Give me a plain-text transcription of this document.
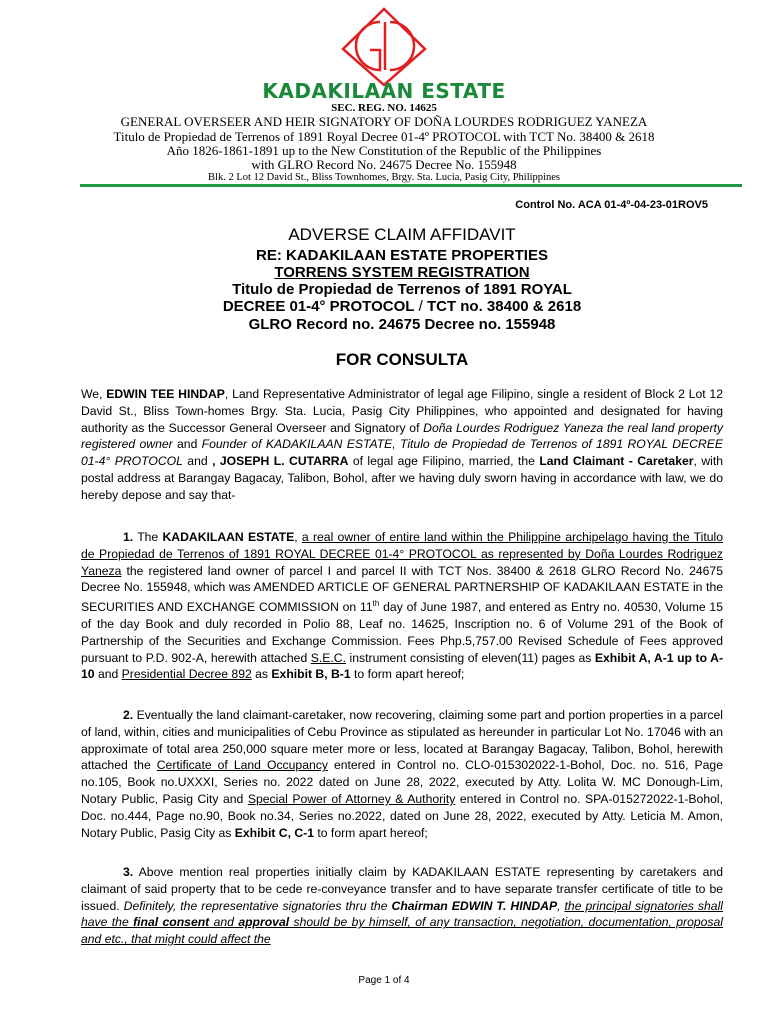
KADAKILAAN ESTATE
SEC. REG. NO. 14625
GENERAL OVERSEER AND HEIR SIGNATORY OF DOÑA LOURDES RODRIGUEZ YANEZA
Titulo de Propiedad de Terrenos of 1891 Royal Decree 01-4º PROTOCOL with TCT No. 38400 & 2618
Año 1826-1861-1891 up to the New Constitution of the Republic of the Philippines
with GLRO Record No. 24675 Decree No. 155948
Blk. 2 Lot 12 David St., Bliss Townhomes, Brgy. Sta. Lucia, Pasig City, Philippines
Control No. ACA 01-4º-04-23-01ROV5
ADVERSE CLAIM AFFIDAVIT
RE: KADAKILAAN ESTATE PROPERTIES
TORRENS SYSTEM REGISTRATION
Titulo de Propiedad de Terrenos of 1891 ROYAL
DECREE 01-4° PROTOCOL / TCT no. 38400 & 2618
GLRO Record no. 24675 Decree no. 155948
FOR CONSULTA
We, EDWIN TEE HINDAP, Land Representative Administrator of legal age Filipino, single a resident of Block 2 Lot 12 David St., Bliss Town-homes Brgy. Sta. Lucia, Pasig City Philippines, who appointed and designated for having authority as the Successor General Overseer and Signatory of Doña Lourdes Rodriguez Yaneza the real land property registered owner and Founder of KADAKILAAN ESTATE, Titulo de Propiedad de Terrenos of 1891 ROYAL DECREE 01-4° PROTOCOL and , JOSEPH L. CUTARRA of legal age Filipino, married, the Land Claimant - Caretaker, with postal address at Barangay Bagacay, Talibon, Bohol, after we having duly sworn having in accordance with law, we do hereby depose and say that-
1. The KADAKILAAN ESTATE, a real owner of entire land within the Philippine archipelago having the Titulo de Propiedad de Terrenos of 1891 ROYAL DECREE 01-4° PROTOCOL as represented by Doña Lourdes Rodriguez Yaneza the registered land owner of parcel I and parcel II with TCT Nos. 38400 & 2618 GLRO Record No. 24675 Decree No. 155948, which was AMENDED ARTICLE OF GENERAL PARTNERSHIP OF KADAKILAAN ESTATE in the SECURITIES AND EXCHANGE COMMISSION on 11th day of June 1987, and entered as Entry no. 40530, Volume 15 of the day Book and duly recorded in Polio 88, Leaf no. 14625, Inscription no. 6 of Volume 291 of the Book of Partnership of the Securities and Exchange Commission. Fees Php.5,757.00 Revised Schedule of Fees approved pursuant to P.D. 902-A, herewith attached S.E.C. instrument consisting of eleven(11) pages as Exhibit A, A-1 up to A-10 and Presidential Decree 892 as Exhibit B, B-1 to form apart hereof;
2. Eventually the land claimant-caretaker, now recovering, claiming some part and portion properties in a parcel of land, within, cities and municipalities of Cebu Province as stipulated as hereunder in particular Lot No. 17046 with an approximate of total area 250,000 square meter more or less, located at Barangay Bagacay, Talibon, Bohol, herewith attached the Certificate of Land Occupancy entered in Control no. CLO-015302022-1-Bohol, Doc. no. 516, Page no.105, Book no.UXXXI, Series no. 2022 dated on June 28, 2022, executed by Atty. Lolita W. MC Donough-Lim, Notary Public, Pasig City and Special Power of Attorney & Authority entered in Control no. SPA-015272022-1-Bohol, Doc. no.444, Page no.90, Book no.34, Series no.2022, dated on June 28, 2022, executed by Atty. Leticia M. Amon, Notary Public, Pasig City as Exhibit C, C-1 to form apart hereof;
3. Above mention real properties initially claim by KADAKILAAN ESTATE representing by caretakers and claimant of said property that to be cede re-conveyance transfer and to have separate transfer certificate of title to be issued. Definitely, the representative signatories thru the Chairman EDWIN T. HINDAP, the principal signatories shall have the final consent and approval should be by himself, of any transaction, negotiation, documentation, proposal and etc., that might could affect the
Page 1 of 4
